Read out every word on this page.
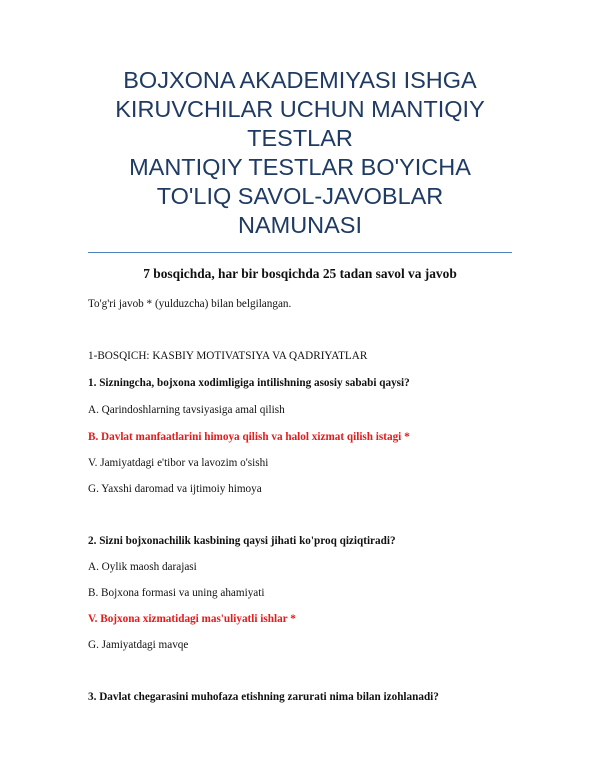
BOJXONA AKADEMIYASI ISHGA
KIRUVCHILAR UCHUN MANTIQIY
TESTLAR
MANTIQIY TESTLAR BO'YICHA
TO'LIQ SAVOL-JAVOBLAR
NAMUNASI
7 bosqichda, har bir bosqichda 25 tadan savol va javob
To'g'ri javob * (yulduzcha) bilan belgilangan.
1-BOSQICH: KASBIY MOTIVATSIYA VA QADRIYATLAR
1. Sizningcha, bojxona xodimligiga intilishning asosiy sababi qaysi?
A. Qarindoshlarning tavsiyasiga amal qilish
B. Davlat manfaatlarini himoya qilish va halol xizmat qilish istagi *
V. Jamiyatdagi e'tibor va lavozim o'sishi
G. Yaxshi daromad va ijtimoiy himoya
2. Sizni bojxonachilik kasbining qaysi jihati ko'proq qiziqtiradi?
A. Oylik maosh darajasi
B. Bojxona formasi va uning ahamiyati
V. Bojxona xizmatidagi mas'uliyatli ishlar *
G. Jamiyatdagi mavqe
3. Davlat chegarasini muhofaza etishning zarurati nima bilan izohlanadi?
